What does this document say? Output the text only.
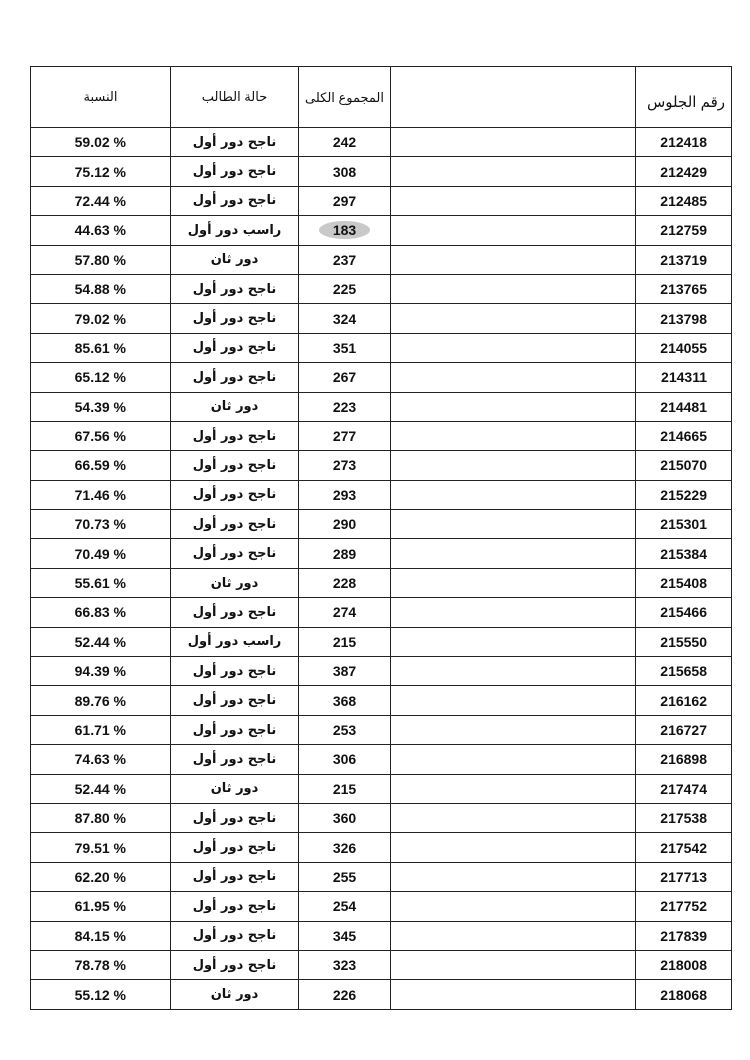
النسبة	حالة الطالب	المجموع الكلى		رقم الجلوس
59.02 %	ناجح دور أول	242		212418
75.12 %	ناجح دور أول	308		212429
72.44 %	ناجح دور أول	297		212485
44.63 %	راسب دور أول	183		212759
57.80 %	دور ثان	237		213719
54.88 %	ناجح دور أول	225		213765
79.02 %	ناجح دور أول	324		213798
85.61 %	ناجح دور أول	351		214055
65.12 %	ناجح دور أول	267		214311
54.39 %	دور ثان	223		214481
67.56 %	ناجح دور أول	277		214665
66.59 %	ناجح دور أول	273		215070
71.46 %	ناجح دور أول	293		215229
70.73 %	ناجح دور أول	290		215301
70.49 %	ناجح دور أول	289		215384
55.61 %	دور ثان	228		215408
66.83 %	ناجح دور أول	274		215466
52.44 %	راسب دور أول	215		215550
94.39 %	ناجح دور أول	387		215658
89.76 %	ناجح دور أول	368		216162
61.71 %	ناجح دور أول	253		216727
74.63 %	ناجح دور أول	306		216898
52.44 %	دور ثان	215		217474
87.80 %	ناجح دور أول	360		217538
79.51 %	ناجح دور أول	326		217542
62.20 %	ناجح دور أول	255		217713
61.95 %	ناجح دور أول	254		217752
84.15 %	ناجح دور أول	345		217839
78.78 %	ناجح دور أول	323		218008
55.12 %	دور ثان	226		218068
